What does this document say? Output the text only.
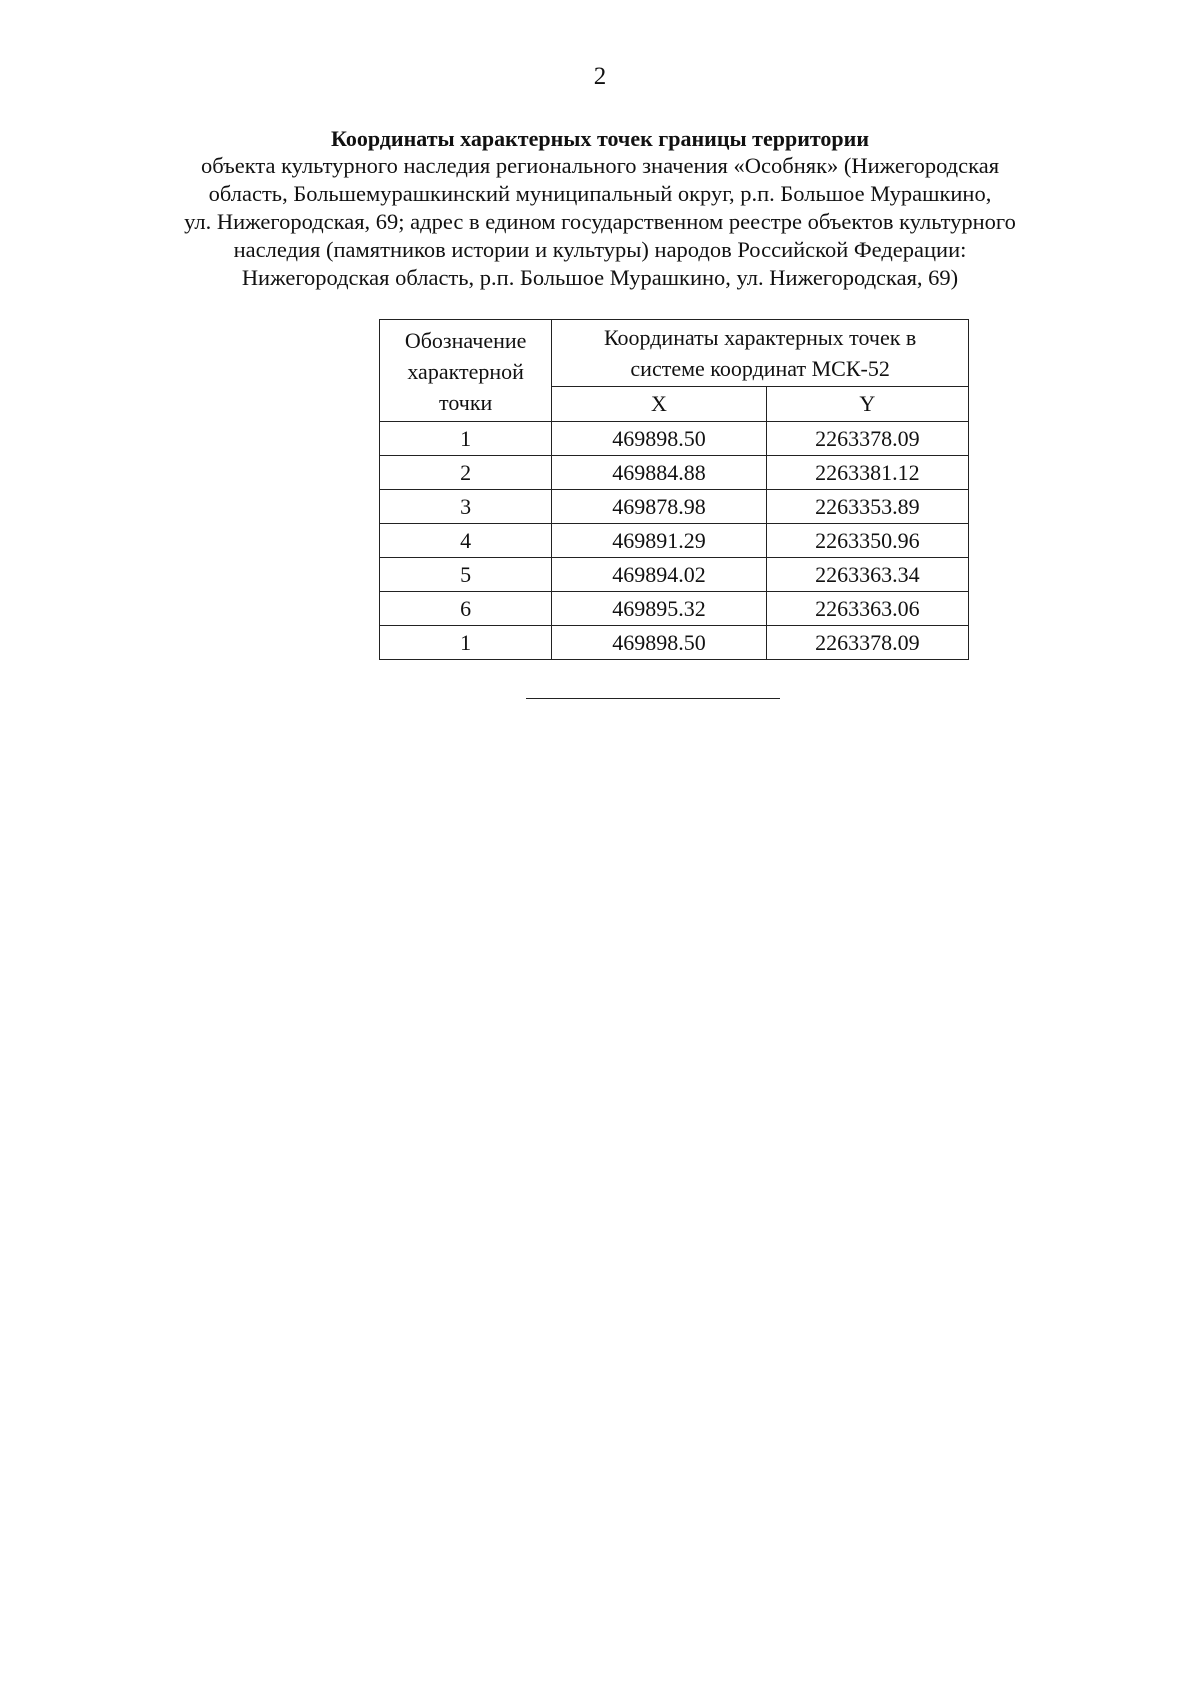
2
Координаты характерных точек границы территории
объекта культурного наследия регионального значения «Особняк» (Нижегородская
область, Большемурашкинский муниципальный округ, р.п. Большое Мурашкино,
ул. Нижегородская, 69; адрес в едином государственном реестре объектов культурного
наследия (памятников истории и культуры) народов Российской Федерации:
Нижегородская область, р.п. Большое Мурашкино, ул. Нижегородская, 69)
Обозначение
характерной
точки	Координаты характерных точек в
системе координат МСК-52	

	X	Y
1	469898.50	2263378.09
2	469884.88	2263381.12
3	469878.98	2263353.89
4	469891.29	2263350.96
5	469894.02	2263363.34
6	469895.32	2263363.06
1	469898.50	2263378.09
